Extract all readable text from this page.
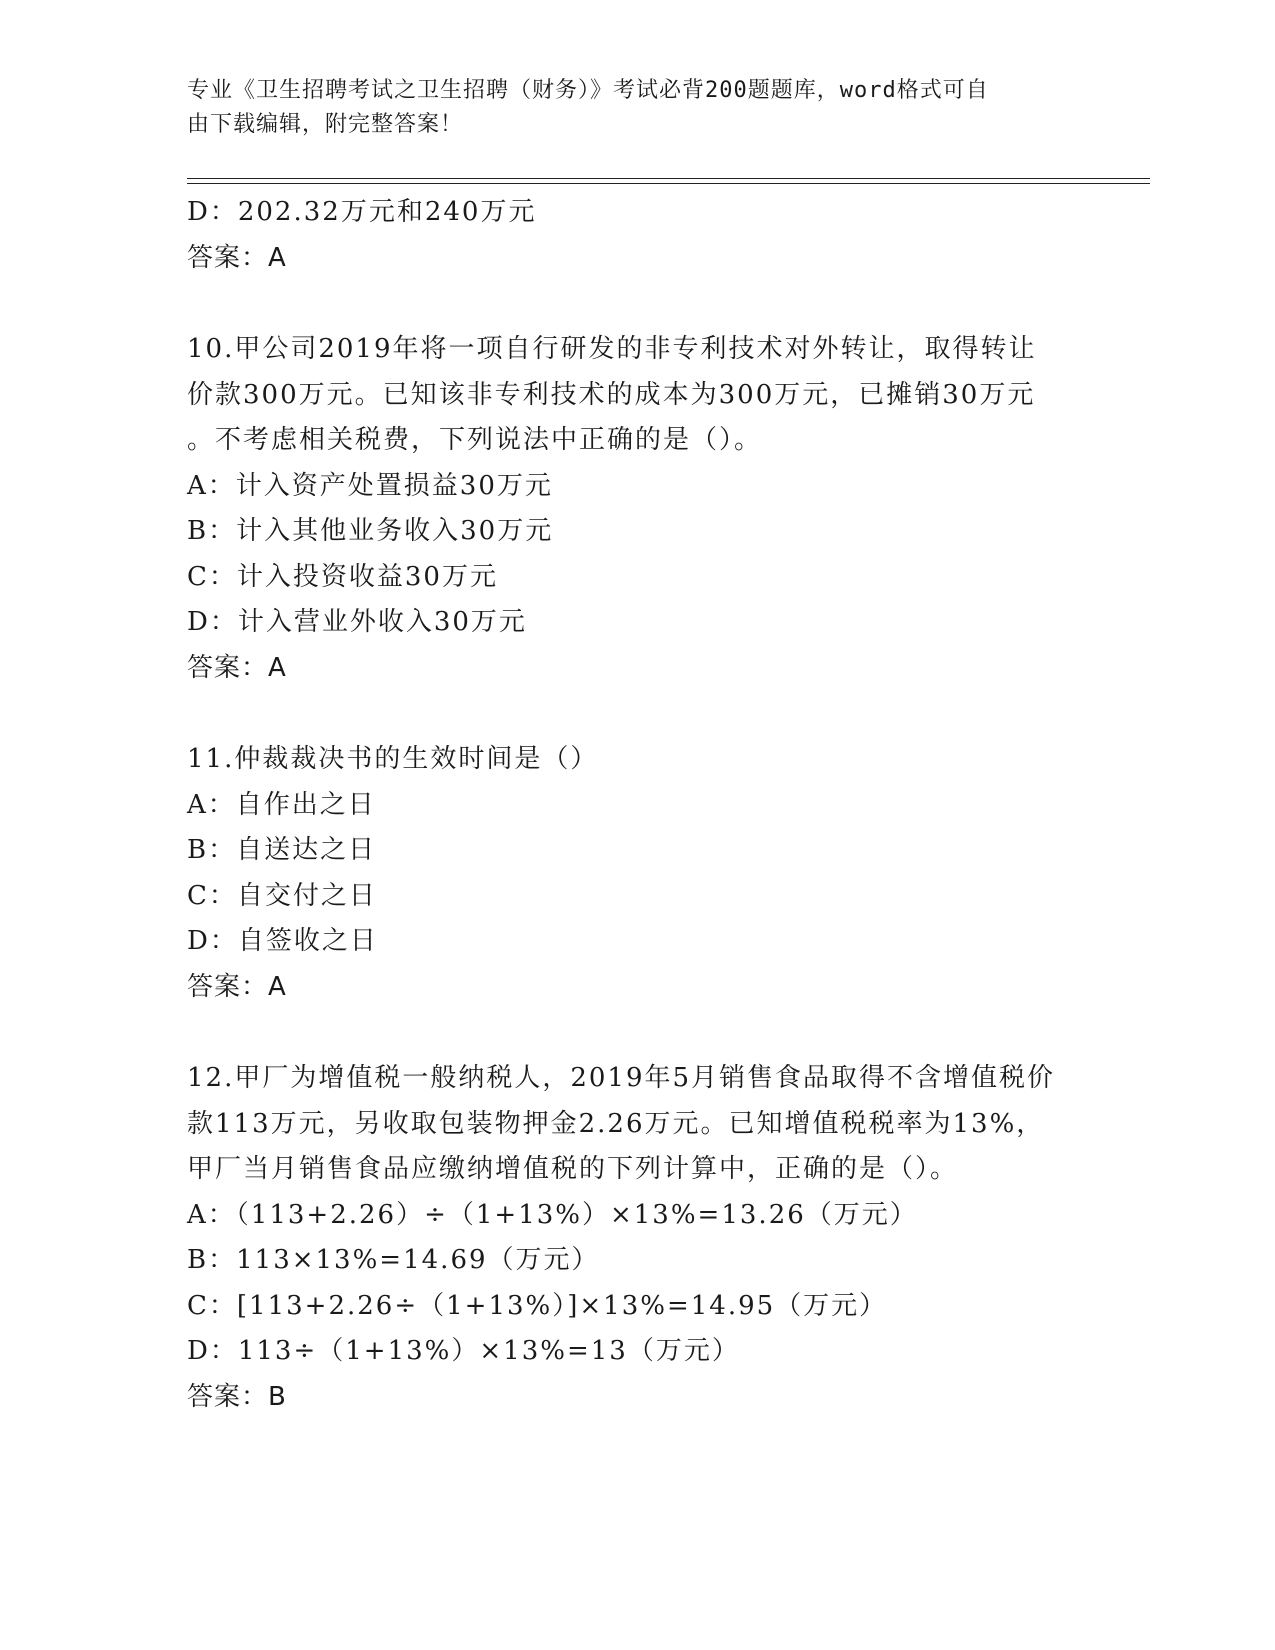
专业《卫生招聘考试之卫生招聘（财务）》考试必背200题题库，word格式可自
由下载编辑，附完整答案！
D：202.32万元和240万元
答案：A
10.甲公司2019年将一项自行研发的非专利技术对外转让，取得转让
价款300万元。已知该非专利技术的成本为300万元，已摊销30万元
。不考虑相关税费，下列说法中正确的是（）。
A：计入资产处置损益30万元
B：计入其他业务收入30万元
C：计入投资收益30万元
D：计入营业外收入30万元
答案：A
11.仲裁裁决书的生效时间是（）
A：自作出之日
B：自送达之日
C：自交付之日
D：自签收之日
答案：A
12.甲厂为增值税一般纳税人，2019年5月销售食品取得不含增值税价
款113万元，另收取包装物押金2.26万元。已知增值税税率为13%，
甲厂当月销售食品应缴纳增值税的下列计算中，正确的是（）。
A：（113+2.26）÷（1+13%）×13%=13.26（万元）
B：113×13%=14.69（万元）
C：[113+2.26÷（1+13%）]×13%=14.95（万元）
D：113÷（1+13%）×13%=13（万元）
答案：B
